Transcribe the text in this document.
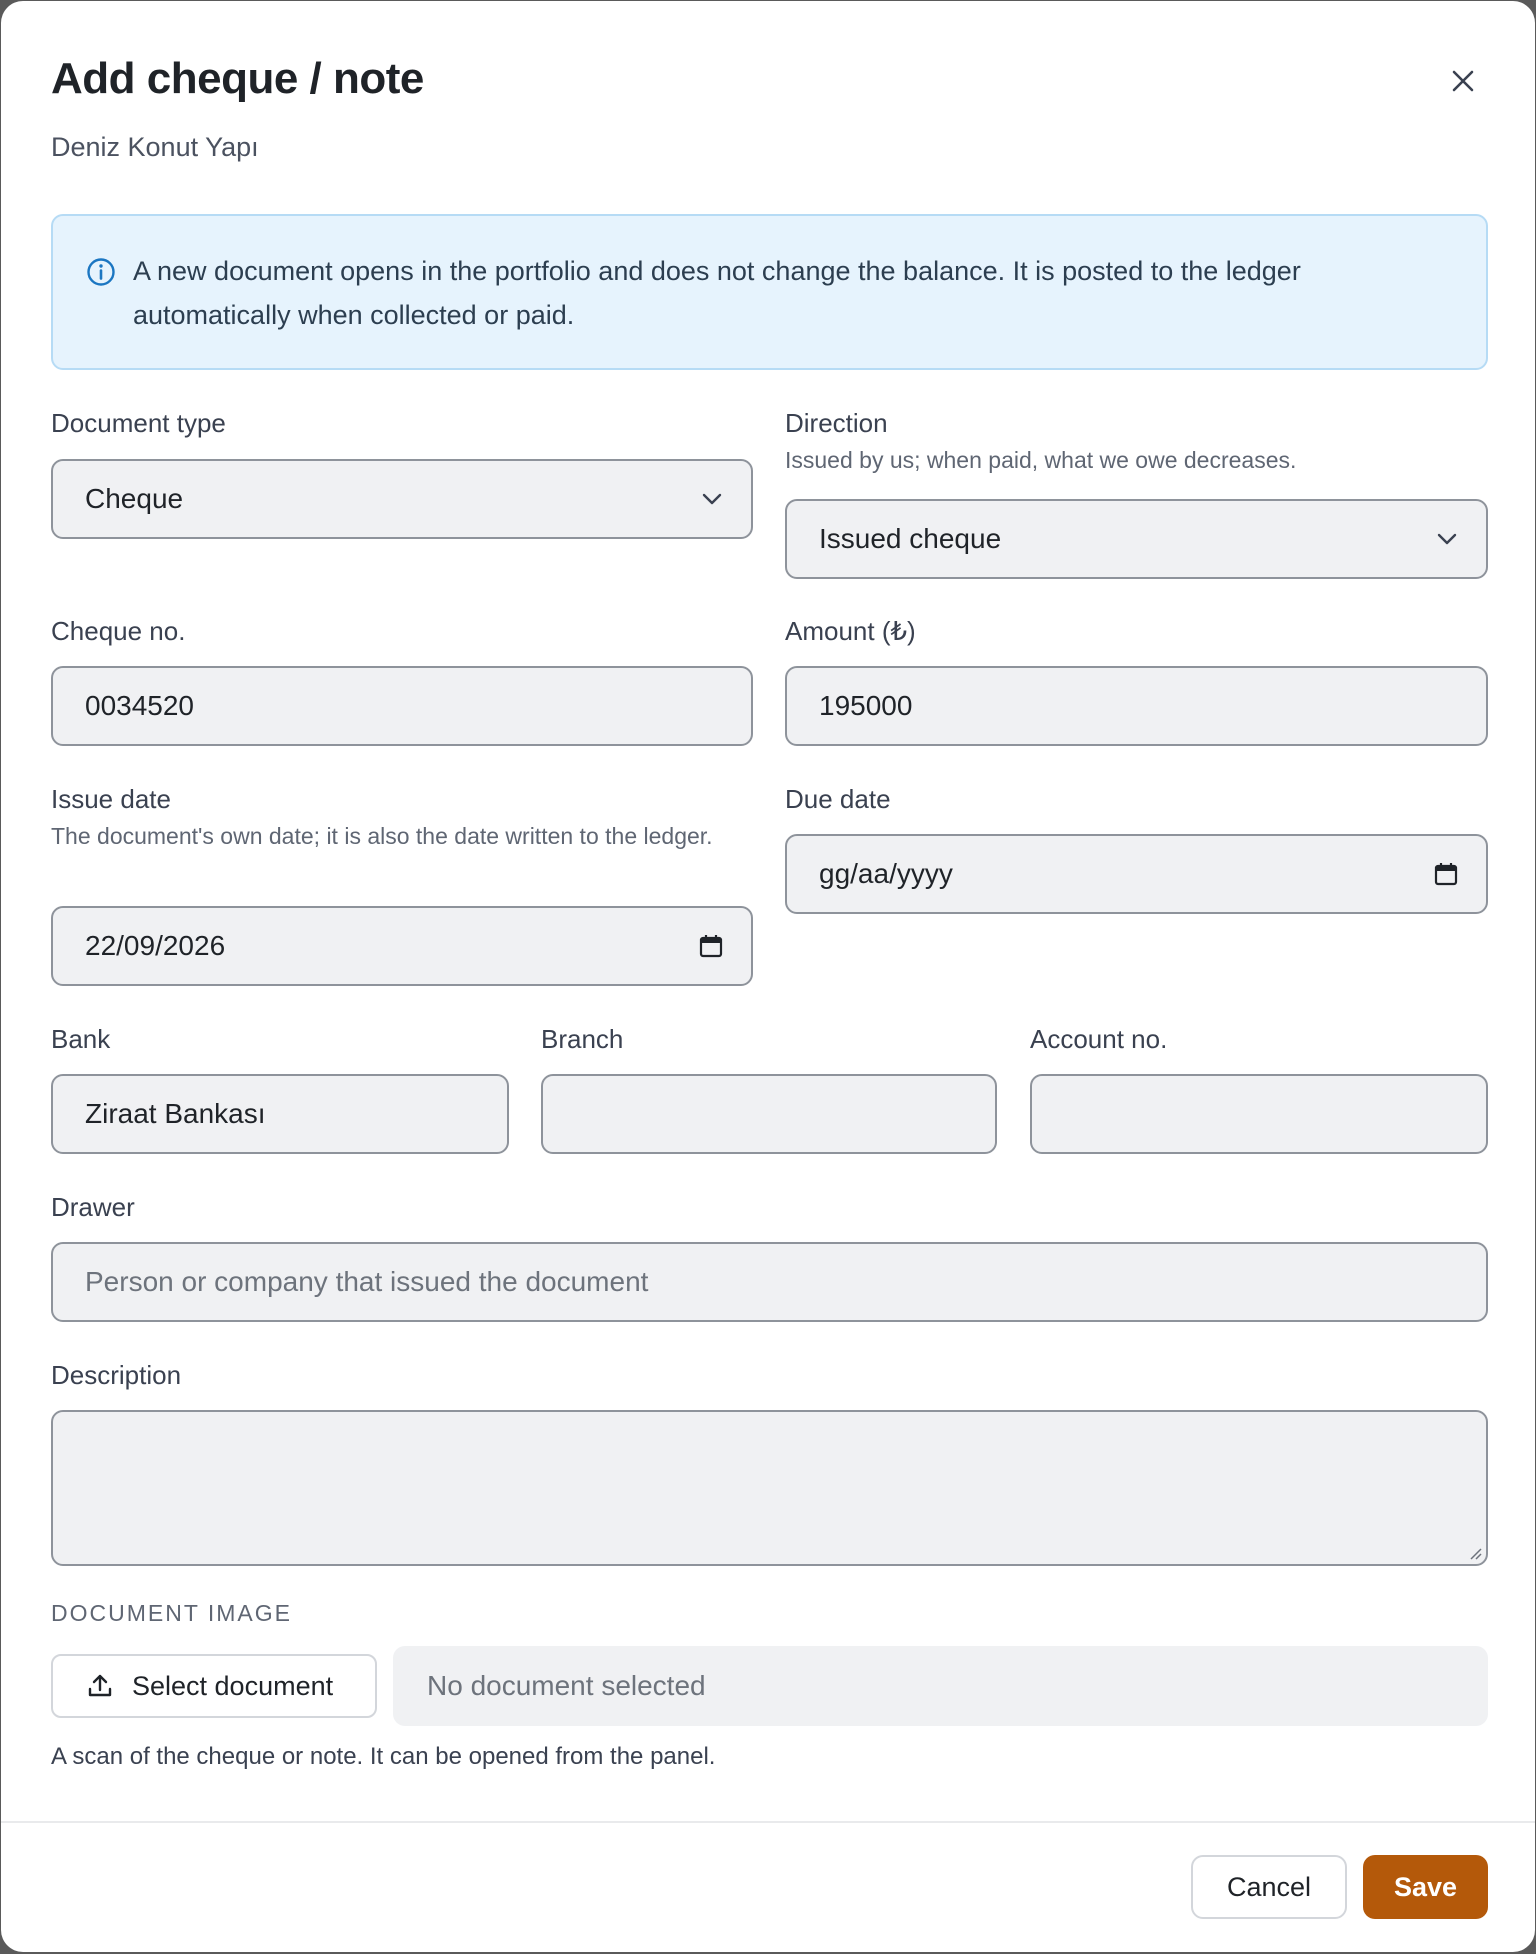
Add cheque / note
Deniz Konut Yapı
A new document opens in the portfolio and does not change the balance. It is posted to the ledger automatically when collected or paid.
Document type
Cheque
Direction
Issued by us; when paid, what we owe decreases.
Issued cheque
Cheque no.
0034520
Amount (₺)
195000
Issue date
The document's own date; it is also the date written to the ledger.
22/09/2026
Due date
gg/aa/yyyy
Bank
Ziraat Bankası
Branch	Account no.
Drawer
Person or company that issued the document
Description
DOCUMENT IMAGE
Select document	No document selected
A scan of the cheque or note. It can be opened from the panel.
Cancel	Save
